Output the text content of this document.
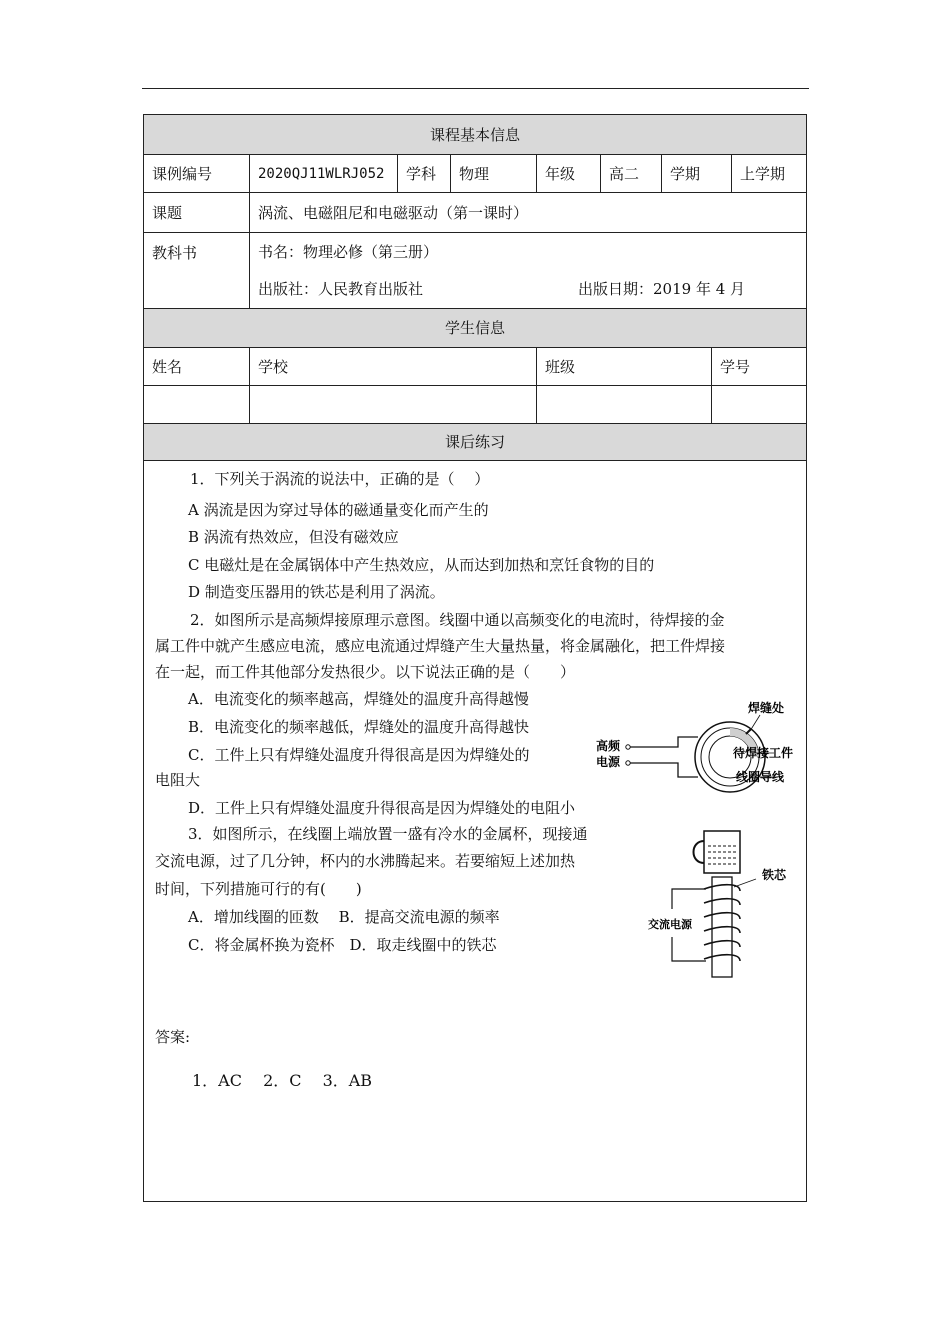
课程基本信息
课例编号	2020QJ11WLRJ052	学科	物理	年级	高二	学期	上学期
课题	涡流、电磁阻尼和电磁驱动（第一课时）
教科书	书名：物理必修（第三册）
出版社：人民教育出版社	出版日期：2019 年 4 月
学生信息
姓名	学校	班级	学号
课后练习
1．下列关于涡流的说法中，正确的是（　 ）
A 涡流是因为穿过导体的磁通量变化而产生的
B 涡流有热效应，但没有磁效应
C 电磁灶是在金属锅体中产生热效应，从而达到加热和烹饪食物的目的
D 制造变压器用的铁芯是利用了涡流。
2．如图所示是高频焊接原理示意图。线圈中通以高频变化的电流时，待焊接的金
属工件中就产生感应电流，感应电流通过焊缝产生大量热量，将金属融化，把工件焊接
在一起，而工件其他部分发热很少。以下说法正确的是（　　）
A．电流变化的频率越高，焊缝处的温度升高得越慢
B．电流变化的频率越低，焊缝处的温度升高得越快
C．工件上只有焊缝处温度升得很高是因为焊缝处的
电阻大
D．工件上只有焊缝处温度升得很高是因为焊缝处的电阻小
焊缝处
高频
电源
待焊接工件
线圈导线
3．如图所示，在线圈上端放置一盛有冷水的金属杯，现接通
交流电源，过了几分钟，杯内的水沸腾起来。若要缩短上述加热
时间，下列措施可行的有(　　)
A．增加线圈的匝数　 B．提高交流电源的频率
C．将金属杯换为瓷杯　D．取走线圈中的铁芯
交流电源
铁芯
答案:
1．AC　 2．C　 3．AB
